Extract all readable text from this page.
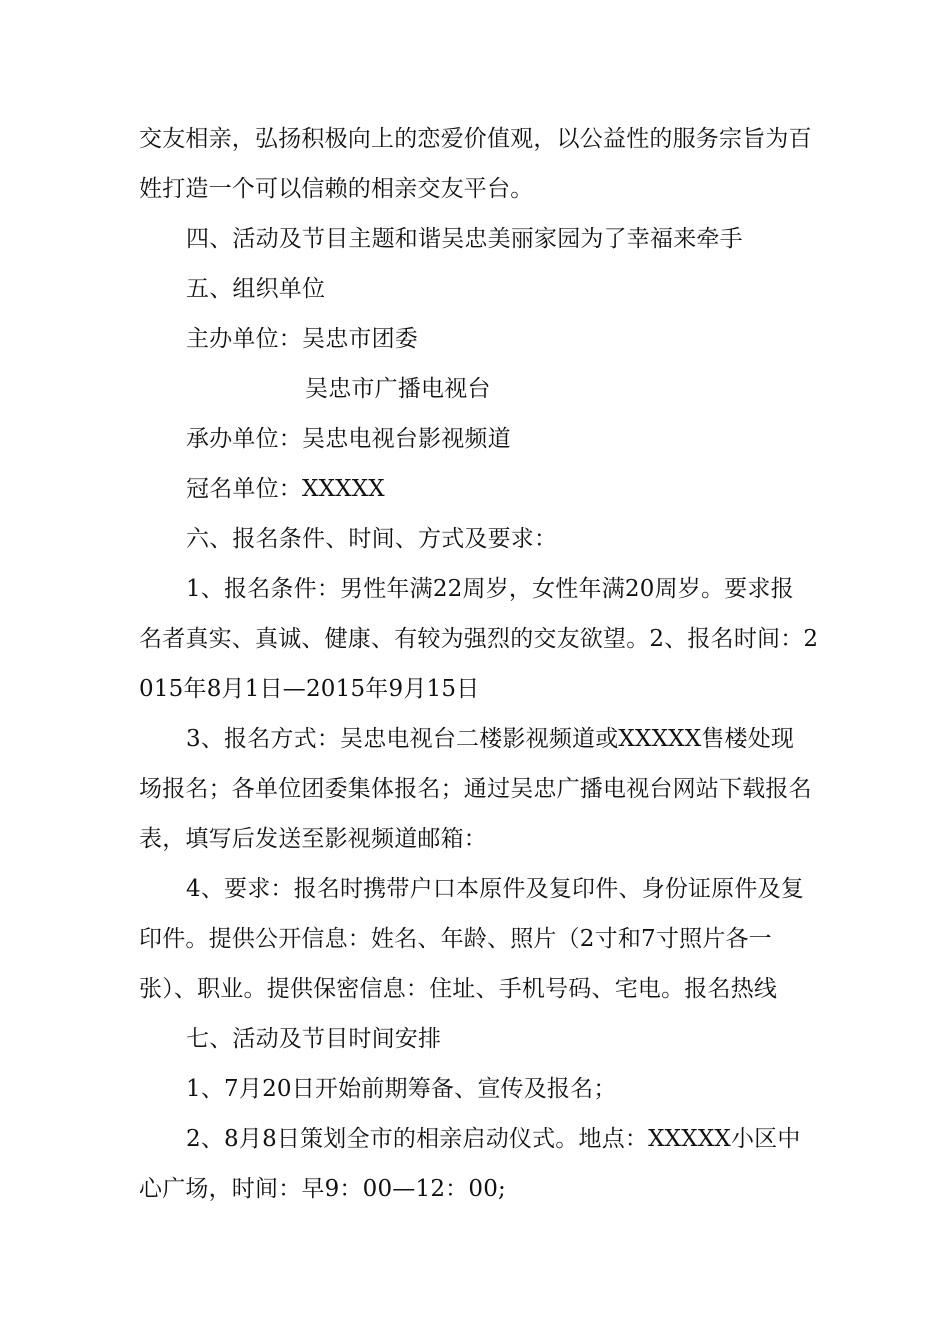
交友相亲，弘扬积极向上的恋爱价值观，以公益性的服务宗旨为百
姓打造一个可以信赖的相亲交友平台。
四、活动及节目主题和谐吴忠美丽家园为了幸福来牵手
五、组织单位
主办单位：吴忠市团委
吴忠市广播电视台
承办单位：吴忠电视台影视频道
冠名单位：XXXXX
六、报名条件、时间、方式及要求：
1、报名条件：男性年满22周岁，女性年满20周岁。要求报
名者真实、真诚、健康、有较为强烈的交友欲望。2、报名时间：2
015年8月1日—2015年9月15日
3、报名方式：吴忠电视台二楼影视频道或XXXXX售楼处现
场报名；各单位团委集体报名；通过吴忠广播电视台网站下载报名
表，填写后发送至影视频道邮箱：
4、要求：报名时携带户口本原件及复印件、身份证原件及复
印件。提供公开信息：姓名、年龄、照片（2寸和7寸照片各一
张）、职业。提供保密信息：住址、手机号码、宅电。报名热线
七、活动及节目时间安排
1、7月20日开始前期筹备、宣传及报名；
2、8月8日策划全市的相亲启动仪式。地点：XXXXX小区中
心广场，时间：早9：00—12：00;
